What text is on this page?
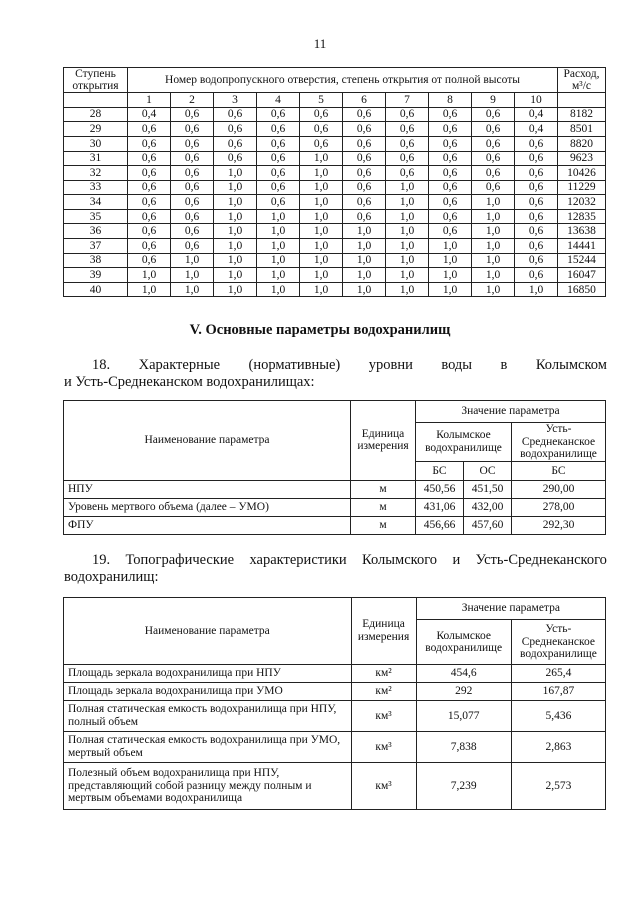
11
Ступень
открытия	Номер водопропускного отверстия, степень открытия от полной высоты										Расход,
м³/с
	1	2	3	4	5	6	7	8	9	10	
28	0,4	0,6	0,6	0,6	0,6	0,6	0,6	0,6	0,6	0,4	8182
29	0,6	0,6	0,6	0,6	0,6	0,6	0,6	0,6	0,6	0,4	8501
30	0,6	0,6	0,6	0,6	0,6	0,6	0,6	0,6	0,6	0,6	8820
31	0,6	0,6	0,6	0,6	1,0	0,6	0,6	0,6	0,6	0,6	9623
32	0,6	0,6	1,0	0,6	1,0	0,6	0,6	0,6	0,6	0,6	10426
33	0,6	0,6	1,0	0,6	1,0	0,6	1,0	0,6	0,6	0,6	11229
34	0,6	0,6	1,0	0,6	1,0	0,6	1,0	0,6	1,0	0,6	12032
35	0,6	0,6	1,0	1,0	1,0	0,6	1,0	0,6	1,0	0,6	12835
36	0,6	0,6	1,0	1,0	1,0	1,0	1,0	0,6	1,0	0,6	13638
37	0,6	0,6	1,0	1,0	1,0	1,0	1,0	1,0	1,0	0,6	14441
38	0,6	1,0	1,0	1,0	1,0	1,0	1,0	1,0	1,0	0,6	15244
39	1,0	1,0	1,0	1,0	1,0	1,0	1,0	1,0	1,0	0,6	16047
40	1,0	1,0	1,0	1,0	1,0	1,0	1,0	1,0	1,0	1,0	16850
V. Основные параметры водохранилищ
18. Характерные (нормативные) уровни воды в Колымском
и Усть-Среднеканском водохранилищах:
Наименование параметра	Единица
измерения	Значение параметра		
		Колымское
водохранилище		Усть-
Среднеканское
водохранилище
		БС	ОС	БС
НПУ	м	450,56	451,50	290,00
Уровень мертвого объема (далее – УМО)	м	431,06	432,00	278,00
ФПУ	м	456,66	457,60	292,30
19. Топографические характеристики Колымского и Усть-Среднеканского
водохранилищ:
Наименование параметра	Единица
измерения	Значение параметра	
		Колымское
водохранилище	Усть-
Среднеканское
водохранилище
Площадь зеркала водохранилища при НПУ	км²	454,6	265,4
Площадь зеркала водохранилища при УМО	км²	292	167,87
Полная статическая емкость водохранилища при НПУ, полный объем	км³	15,077	5,436
Полная статическая емкость водохранилища при УМО, мертвый объем	км³	7,838	2,863
Полезный объем водохранилища при НПУ, представляющий собой разницу между полным и мертвым объемами водохранилища	км³	7,239	2,573
